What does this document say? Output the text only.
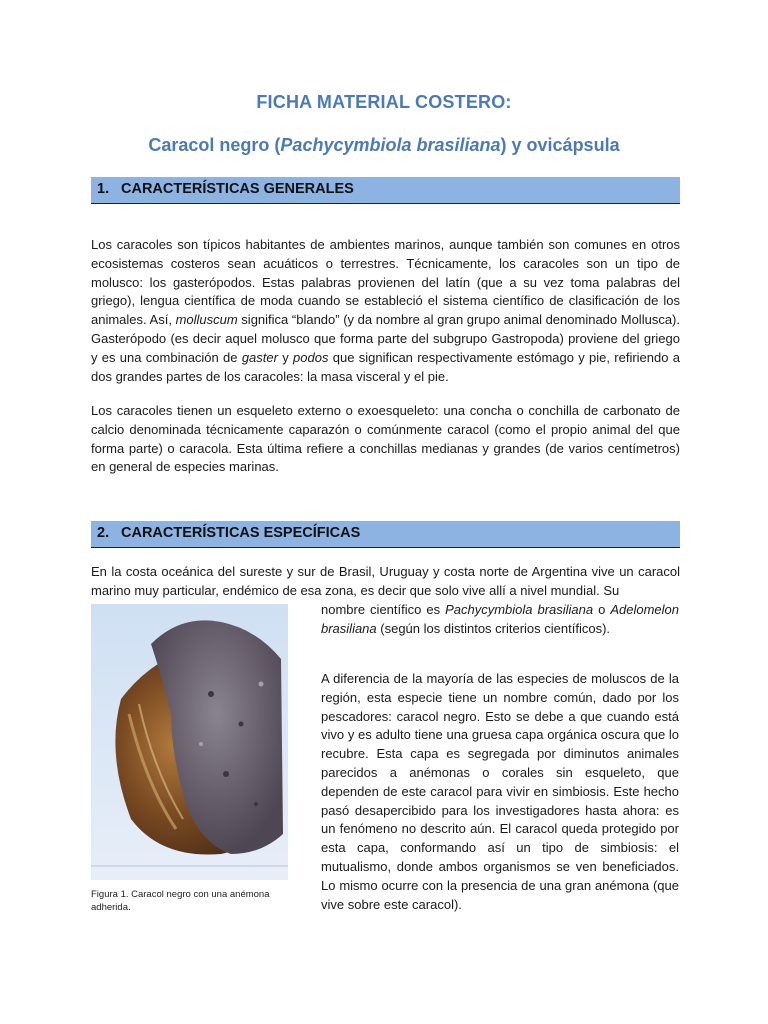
FICHA MATERIAL COSTERO:
Caracol negro (Pachycymbiola brasiliana) y ovicápsula
1. CARACTERÍSTICAS GENERALES

Los caracoles son típicos habitantes de ambientes marinos, aunque también son comunes en otros ecosistemas costeros sean acuáticos o terrestres. Técnicamente, los caracoles son un tipo de molusco: los gasterópodos. Estas palabras provienen del latín (que a su vez toma palabras del griego), lengua científica de moda cuando se estableció el sistema científico de clasificación de los animales. Así, molluscum significa “blando” (y da nombre al gran grupo animal denominado Mollusca). Gasterópodo (es decir aquel molusco que forma parte del subgrupo Gastropoda) proviene del griego y es una combinación de gaster y podos que significan respectivamente estómago y pie, refiriendo a dos grandes partes de los caracoles: la masa visceral y el pie.

Los caracoles tienen un esqueleto externo o exoesqueleto: una concha o conchilla de carbonato de calcio denominada técnicamente caparazón o comúnmente caracol (como el propio animal del que forma parte) o caracola. Esta última refiere a conchillas medianas y grandes (de varios centímetros) en general de especies marinas.

2. CARACTERÍSTICAS ESPECÍFICAS

En la costa oceánica del sureste y sur de Brasil, Uruguay y costa norte de Argentina vive un caracol marino muy particular, endémico de esa zona, es decir que solo vive allí a nivel mundial. Su

nombre científico es Pachycymbiola brasiliana o Adelomelon brasiliana (según los distintos criterios científicos).

A diferencia de la mayoría de las especies de moluscos de la región, esta especie tiene un nombre común, dado por los pescadores: caracol negro. Esto se debe a que cuando está vivo y es adulto tiene una gruesa capa orgánica oscura que lo recubre. Esta capa es segregada por diminutos animales parecidos a anémonas o corales sin esqueleto, que dependen de este caracol para vivir en simbiosis. Este hecho pasó desapercibido para los investigadores hasta ahora: es un fenómeno no descrito aún. El caracol queda protegido por esta capa, conformando así un tipo de simbiosis: el mutualismo, donde ambos organismos se ven beneficiados. Lo mismo ocurre con la presencia de una gran anémona (que vive sobre este caracol).

Figura 1. Caracol negro con una anémona adherida.
